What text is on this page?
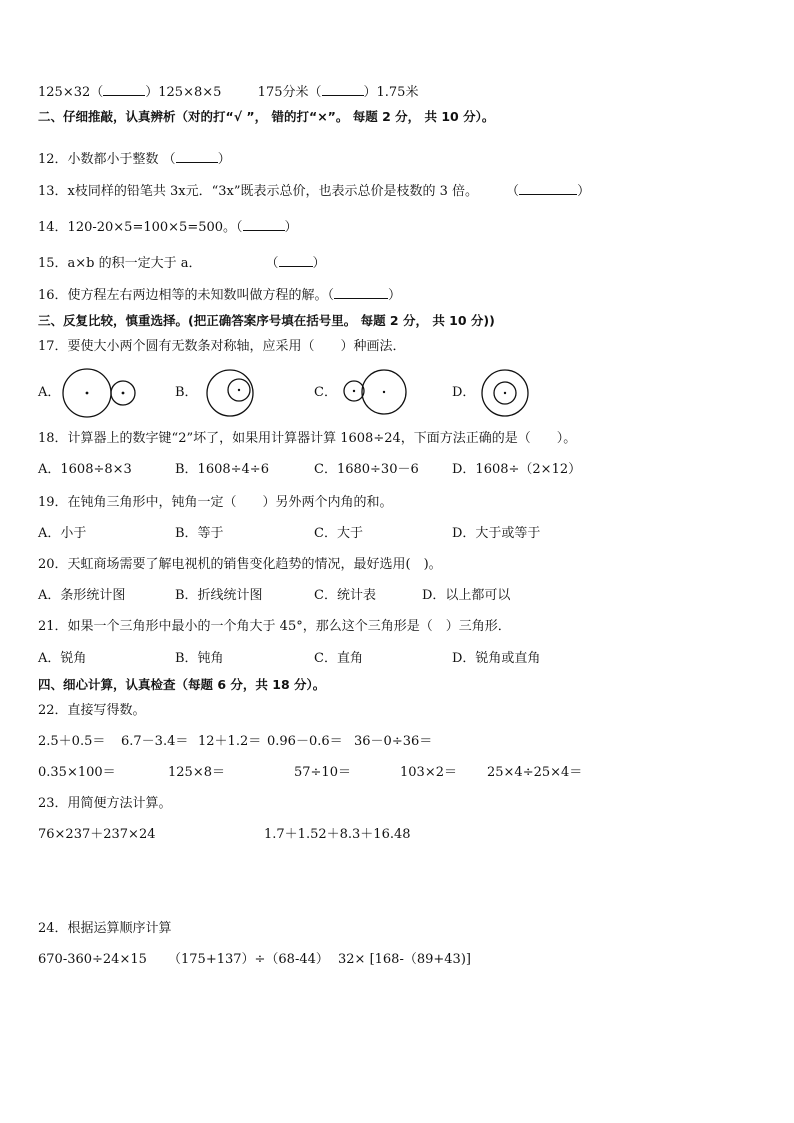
125×32（	）125×8×5	175分米（	）1.75米
二、仔细推敲，认真辨析（对的打“√ ”， 错的打“×”。 每题 2 分， 共 10 分）。
12．小数都小于整数 （	）
13．x枝同样的铅笔共 3x元．“3x”既表示总价，也表示总价是枝数的 3 倍。 （	）
14．120-20×5=100×5=500。（	）
15．a×b 的积一定大于 a．	（	）
16．使方程左右两边相等的未知数叫做方程的解。（	）
三、反复比较，慎重选择。(把正确答案序号填在括号里。 每题 2 分， 共 10 分))
17．要使大小两个圆有无数条对称轴，应采用（　　）种画法．
A．	B．	C．	D．
18．计算器上的数字键“2”坏了，如果用计算器计算 1608÷24，下面方法正确的是（　　）。
A．1608÷8×3	B．1608÷4÷6	C．1680÷30－6	D．1608÷（2×12）
19．在钝角三角形中，钝角一定（　　）另外两个内角的和。
A．小于	B．等于	C．大于	D．大于或等于
20．天虹商场需要了解电视机的销售变化趋势的情况，最好选用(　)。
A．条形统计图	B．折线统计图	C．统计表	D．以上都可以
21．如果一个三角形中最小的一个角大于 45°，那么这个三角形是（　）三角形．
A．锐角	B．钝角	C．直角	D．锐角或直角
四、细心计算，认真检查（每题 6 分，共 18 分）。
22．直接写得数。
2.5＋0.5＝ 6.7－3.4＝ 12＋1.2＝ 0.96－0.6＝ 36－0÷36＝
0.35×100＝	125×8＝	57÷10＝	103×2＝ 25×4÷25×4＝
23．用简便方法计算。
76×237＋237×24	1.7＋1.52＋8.3＋16.48
24．根据运算顺序计算
670-360÷24×15 （175+137）÷（68-44） 32× [168-（89+43)]
